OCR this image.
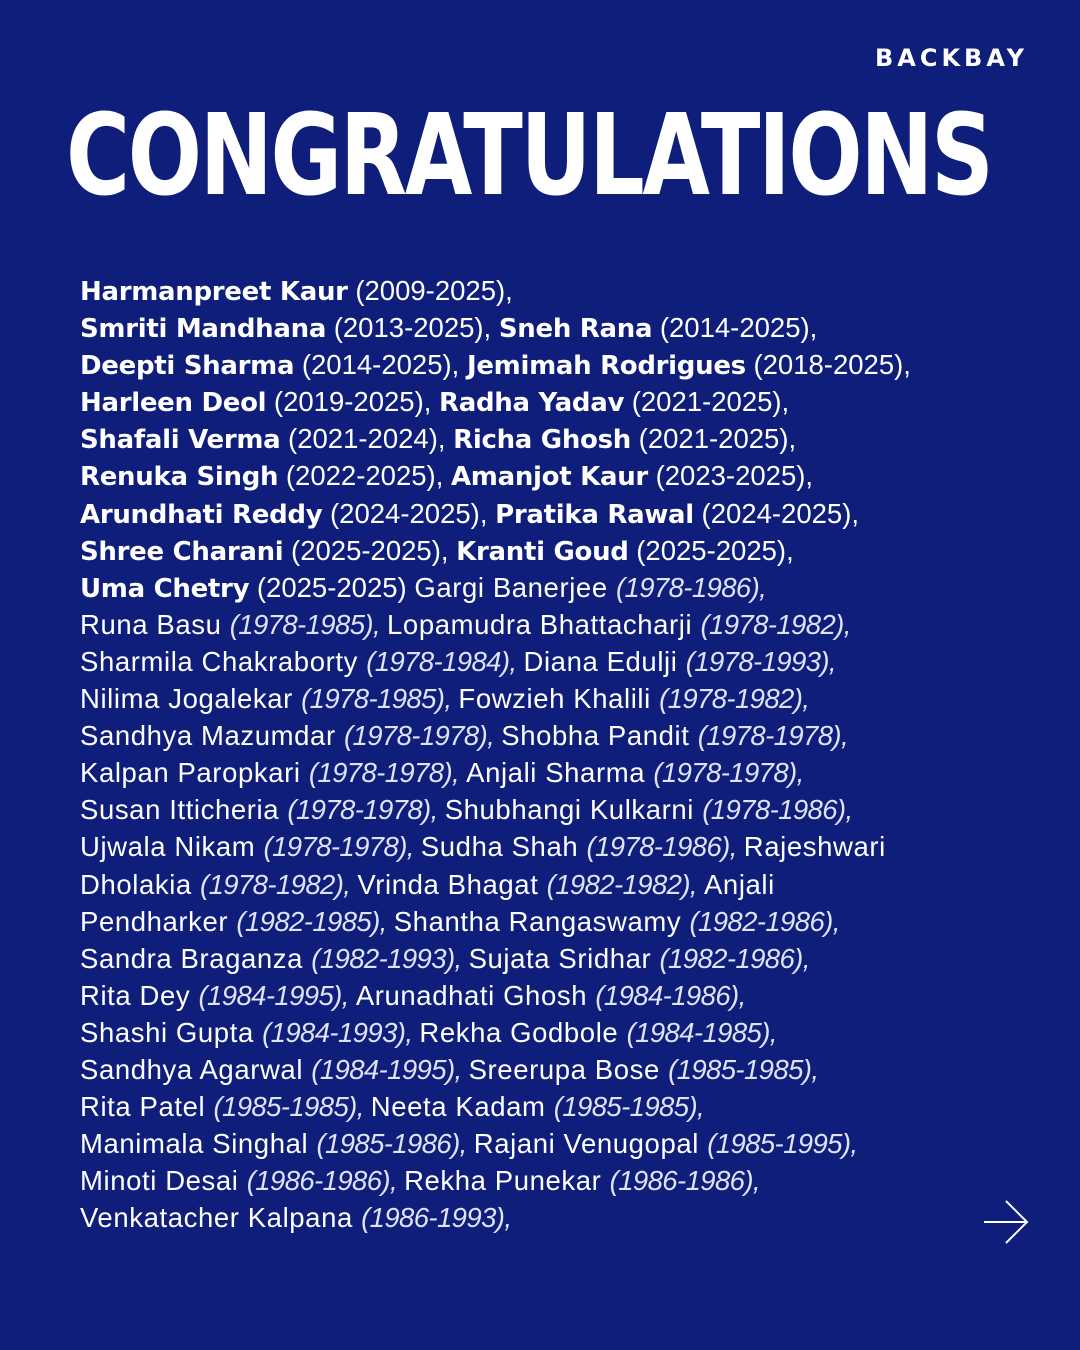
BACKBAY
CONGRATULATIONS
Harmanpreet Kaur (2009-2025),
Smriti Mandhana (2013-2025), Sneh Rana (2014-2025),
Deepti Sharma (2014-2025), Jemimah Rodrigues (2018-2025),
Harleen Deol (2019-2025), Radha Yadav (2021-2025),
Shafali Verma (2021-2024), Richa Ghosh (2021-2025),
Renuka Singh (2022-2025), Amanjot Kaur (2023-2025),
Arundhati Reddy (2024-2025), Pratika Rawal (2024-2025),
Shree Charani (2025-2025), Kranti Goud (2025-2025),
Uma Chetry (2025-2025) Gargi Banerjee (1978-1986),
Runa Basu (1978-1985), Lopamudra Bhattacharji (1978-1982),
Sharmila Chakraborty (1978-1984), Diana Edulji (1978-1993),
Nilima Jogalekar (1978-1985), Fowzieh Khalili (1978-1982),
Sandhya Mazumdar (1978-1978), Shobha Pandit (1978-1978),
Kalpan Paropkari (1978-1978), Anjali Sharma (1978-1978),
Susan Itticheria (1978-1978), Shubhangi Kulkarni (1978-1986),
Ujwala Nikam (1978-1978), Sudha Shah (1978-1986), Rajeshwari
Dholakia (1978-1982), Vrinda Bhagat (1982-1982), Anjali
Pendharker (1982-1985), Shantha Rangaswamy (1982-1986),
Sandra Braganza (1982-1993), Sujata Sridhar (1982-1986),
Rita Dey (1984-1995), Arunadhati Ghosh (1984-1986),
Shashi Gupta (1984-1993), Rekha Godbole (1984-1985),
Sandhya Agarwal (1984-1995), Sreerupa Bose (1985-1985),
Rita Patel (1985-1985), Neeta Kadam (1985-1985),
Manimala Singhal (1985-1986), Rajani Venugopal (1985-1995),
Minoti Desai (1986-1986), Rekha Punekar (1986-1986),
Venkatacher Kalpana (1986-1993),
